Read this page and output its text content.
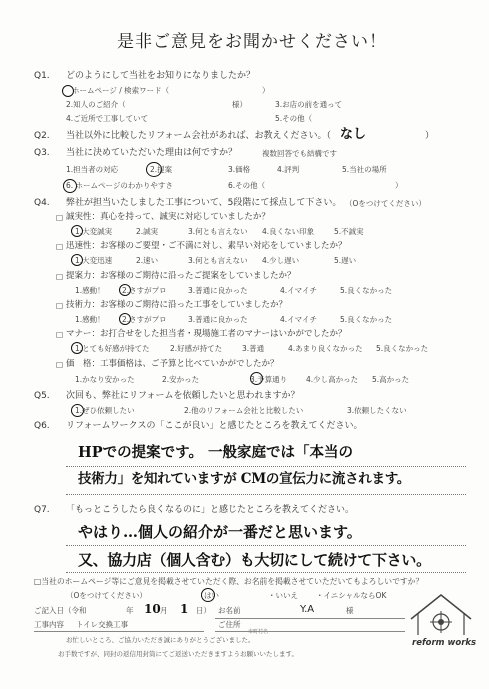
是非ご意見をお聞かせください！
Q1. どのようにして当社をお知りになりましたか？
ホームページ / 検索ワード（	）
2.知人のご紹介（	様）	3.お店の前を通って
4.ご近所で工事していて	5.その他（
Q2. 当社以外に比較したリフォーム会社があれば、お教えください。（ なし	）
Q3. 当社に決めていただいた理由は何ですか？	複数回答でも結構です
1.担当者の対応	2.提案	3.価格	4.評判	5.当社の場所
6. ホームページのわかりやすさ	6.その他（	）
Q4. 弊社が担当いたしました工事について、5段階にて採点して下さい。 （Oをつけてください）
□ 誠実性：真心を持って、誠実に対応していましたか？
1.大変誠実	2.誠実	3.何とも言えない 4.良くない印象	5.不誠実
□ 迅速性：お客様のご要望・ご不満に対し、素早い対応をしていましたか？
1.大変迅速	2.速い	3.何とも言えない 4.少し遅い	5.遅い
□ 提案力：お客様のご期待に沿ったご提案をしていましたか？
1.感動！ 2.さすがプロ	3.普通に良かった	4.イマイチ	5.良くなかった
□ 技術力：お客様のご期待に沿った工事をしていましたか？
1.感動！ 2.さすがプロ	3.普通に良かった	4.イマイチ	5.良くなかった
□ マナー：お打合せをした担当者・現場施工者のマナーはいかがでしたか？
1.とても好感が持てた	2.好感が持てた	3.普通	4.あまり良くなかった 5.良くなかった
□ 価　格：工事価格は、ご予算と比べていかがでしたか？
1.かなり安かった	2.安かった	3.予算通り	4.少し高かった 5.高かった
Q5. 次回も、弊社にリフォームを依頼したいと思われますか？
1.ぜひ依頼したい	2.他のリフォーム会社と比較したい	3.依頼したくない
Q6. リフォームワークスの「ここが良い」と感じたところを教えてください。
HPでの提案です。 一般家庭では「本当の
技術力」を知れていますが CMの宣伝力に流されます。
Q7. 「もっとこうしたら良くなるのに」と感じたところを教えてください。
やはり…個人の紹介が一番だと思います。
又、協力店（個人含む）も大切にして続けて下さい。
□当社のホームページ等にご意見を掲載させていただく際、お名前を掲載させていただいてもよろしいですか？
（Oをつけてください）	はい	・いいえ ・イニシャルならOK
ご記入日（令和	年 10 月 1 日） お名前	Y.A	様
工事内容 トイレ交換工事	ご住所
市町村名
お忙しいところ、ご協力いただき誠にありがとうございました。
お手数ですが、同封の返信用封筒にてご返送いただきますようお願いいたします。
reform works
